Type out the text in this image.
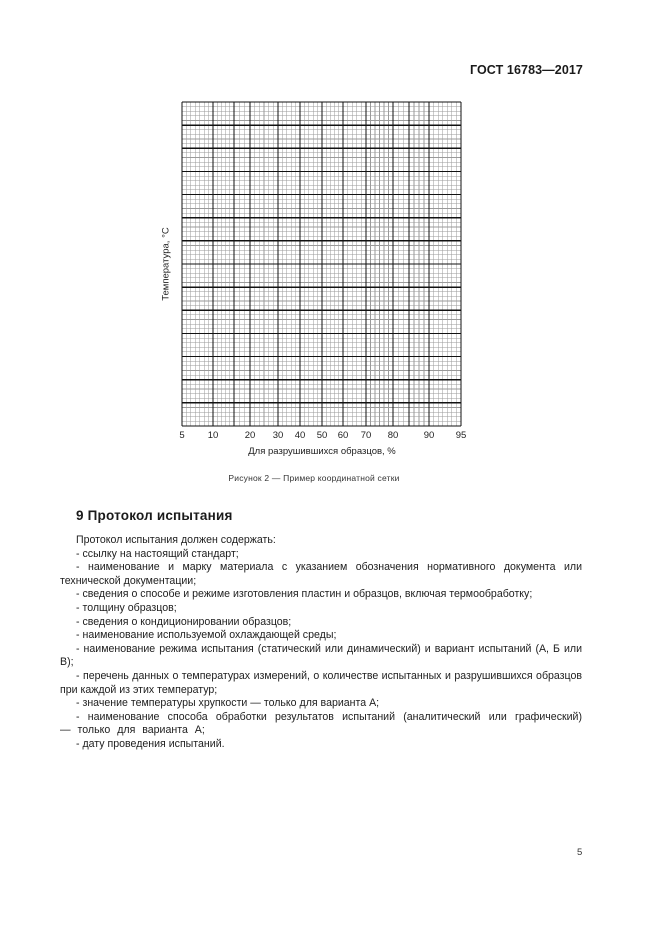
ГОСТ 16783—2017
Температура, °С
5 10	20 30 40 50 60 70 80	90 95
Для разрушившихся образцов, %
Рисунок 2 — Пример координатной сетки
9 Протокол испытания

Протокол испытания должен содержать:

- ссылку на настоящий стандарт;

- наименование и марку материала с указанием обозначения нормативного документа или технической документации;

- сведения о способе и режиме изготовления пластин и образцов, включая термообработку;

- толщину образцов;

- сведения о кондиционировании образцов;

- наименование используемой охлаждающей среды;

- наименование режима испытания (статический или динамический) и вариант испытаний (А, Б или В);

- перечень данных о температурах измерений, о количестве испытанных и разрушившихся образцов при каждой из этих температур;

- значение температуры хрупкости — только для варианта А;

- наименование способа обработки результатов испытаний (аналитический или графический) — только для варианта А;

- дату проведения испытаний.

5
